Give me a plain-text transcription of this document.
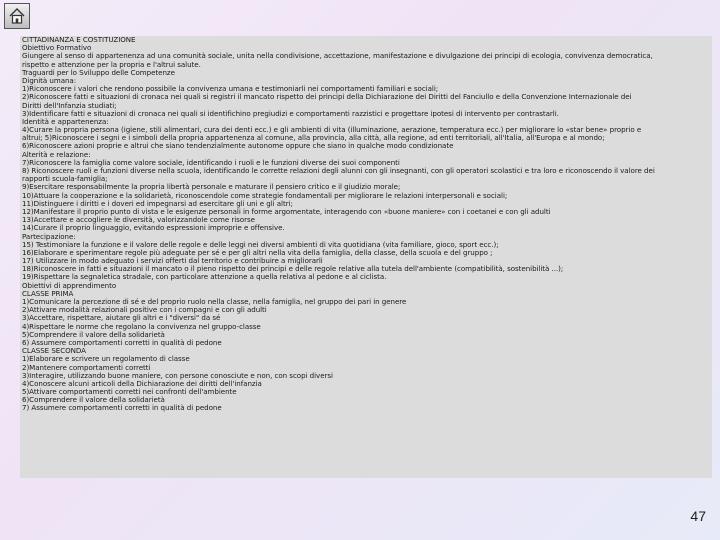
CITTADINANZA E COSTITUZIONE
Obiettivo Formativo
Giungere al senso di appartenenza ad una comunità sociale, unita nella condivisione, accettazione, manifestazione e divulgazione dei principi di ecologia, convivenza democratica,
rispetto e attenzione per la propria e l'altrui salute.
Traguardi per lo Sviluppo delle Competenze
Dignità umana:
1)Riconoscere i valori che rendono possibile la convivenza umana e testimoniarli nei comportamenti familiari e sociali;
2)Riconoscere fatti e situazioni di cronaca nei quali si registri il mancato rispetto dei principi della Dichiarazione dei Diritti del Fanciullo e della Convenzione Internazionale dei
Diritti dell'Infanzia studiati;
3)Identificare fatti e situazioni di cronaca nei quali si identifichino pregiudizi e comportamenti razzistici e progettare ipotesi di intervento per contrastarli.
Identità e appartenenza:
4)Curare la propria persona (igiene, stili alimentari, cura dei denti ecc.) e gli ambienti di vita (illuminazione, aerazione, temperatura ecc.) per migliorare lo «star bene» proprio e
altrui; 5)Riconoscere i segni e i simboli della propria appartenenza al comune, alla provincia, alla città, alla regione, ad enti territoriali, all'Italia, all'Europa e al mondo;
6)Riconoscere azioni proprie e altrui che siano tendenzialmente autonome oppure che siano in qualche modo condizionate
Alterità e relazione:
7)Riconoscere la famiglia come valore sociale, identificando i ruoli e le funzioni diverse dei suoi componenti
8) Riconoscere ruoli e funzioni diverse nella scuola, identificando le corrette relazioni degli alunni con gli insegnanti, con gli operatori scolastici e tra loro e riconoscendo il valore dei
rapporti scuola-famiglia;
9)Esercitare responsabilmente la propria libertà personale e maturare il pensiero critico e il giudizio morale;
10)Attuare la cooperazione e la solidarietà, riconoscendole come strategie fondamentali per migliorare le relazioni interpersonali e sociali;
11)Distinguere i diritti e i doveri ed impegnarsi ad esercitare gli uni e gli altri;
12)Manifestare il proprio punto di vista e le esigenze personali in forme argomentate, interagendo con «buone maniere» con i coetanei e con gli adulti
13)Accettare e accogliere le diversità, valorizzandole come risorse
14)Curare il proprio linguaggio, evitando espressioni improprie e offensive.
Partecipazione:
15) Testimoniare la funzione e il valore delle regole e delle leggi nei diversi ambienti di vita quotidiana (vita familiare, gioco, sport ecc.);
16)Elaborare e sperimentare regole più adeguate per sé e per gli altri nella vita della famiglia, della classe, della scuola e del gruppo ;
17) Utilizzare in modo adeguato i servizi offerti dal territorio e contribuire a migliorarli
18)Riconoscere in fatti e situazioni il mancato o il pieno rispetto dei principi e delle regole relative alla tutela dell'ambiente (compatibilità, sostenibilità ...);
19)Rispettare la segnaletica stradale, con particolare attenzione a quella relativa al pedone e al ciclista.
Obiettivi di apprendimento
CLASSE PRIMA
1)Comunicare la percezione di sé e del proprio ruolo nella classe, nella famiglia, nel gruppo dei pari in genere
2)Attivare modalità relazionali positive con i compagni e con gli adulti
3)Accettare, rispettare, aiutare gli altri e i "diversi" da sé
4)Rispettare le norme che regolano la convivenza nel gruppo-classe
5)Comprendere il valore della solidarietà
6) Assumere comportamenti corretti in qualità di pedone
CLASSE SECONDA
1)Elaborare e scrivere un regolamento di classe
2)Mantenere comportamenti corretti
3)Interagire, utilizzando buone maniere, con persone conosciute e non, con scopi diversi
4)Conoscere alcuni articoli della Dichiarazione dei diritti dell'infanzia
5)Attivare comportamenti corretti nei confronti dell'ambiente
6)Comprendere il valore della solidarietà
7) Assumere comportamenti corretti in qualità di pedone
47
